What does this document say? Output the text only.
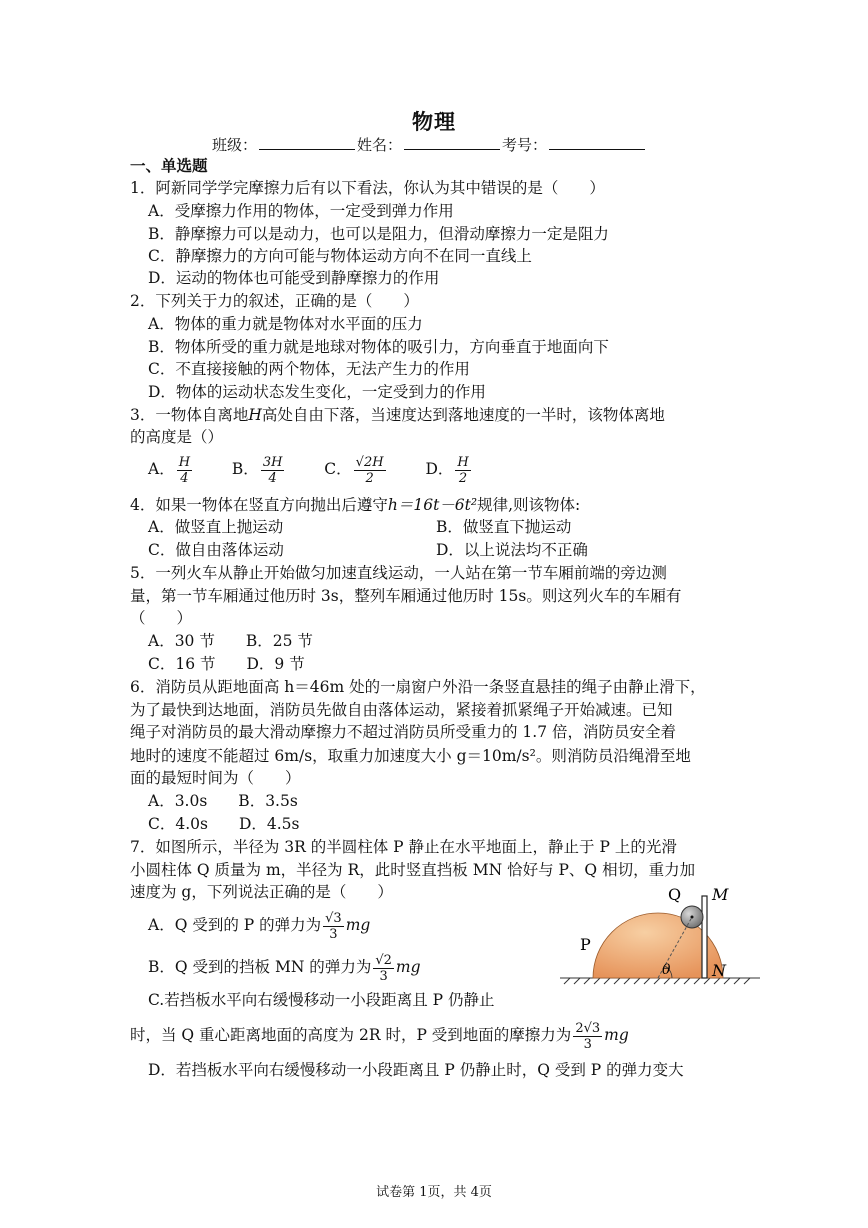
物理
班级：	姓名：	考号：
一、单选题
1．阿新同学学完摩擦力后有以下看法，你认为其中错误的是（　　）
A．受摩擦力作用的物体，一定受到弹力作用
B．静摩擦力可以是动力，也可以是阻力，但滑动摩擦力一定是阻力
C．静摩擦力的方向可能与物体运动方向不在同一直线上
D．运动的物体也可能受到静摩擦力的作用
2．下列关于力的叙述，正确的是（　　）
A．物体的重力就是物体对水平面的压力
B．物体所受的重力就是地球对物体的吸引力，方向垂直于地面向下
C．不直接接触的两个物体，无法产生力的作用
D．物体的运动状态发生变化，一定受到力的作用
3．一物体自离地H高处自由下落，当速度达到落地速度的一半时，该物体离地
的高度是（）
A． $\frac{H}{4}$	B． $\frac{3H}{4}$	C． $\frac{√2H}{2}$	D． $\frac{H}{2}$
4．如果一物体在竖直方向抛出后遵守h＝16t－6t²规律,则该物体:
A．做竖直上抛运动	B．做竖直下抛运动
C．做自由落体运动	D．以上说法均不正确
5．一列火车从静止开始做匀加速直线运动，一人站在第一节车厢前端的旁边测
量，第一节车厢通过他历时 3s，整列车厢通过他历时 15s。则这列火车的车厢有
（　　）
A．30 节　　B．25 节
C．16 节　　D．9 节
6．消防员从距地面高 h＝46m 处的一扇窗户外沿一条竖直悬挂的绳子由静止滑下，
为了最快到达地面，消防员先做自由落体运动，紧接着抓紧绳子开始减速。已知
绳子对消防员的最大滑动摩擦力不超过消防员所受重力的 1.7 倍，消防员安全着
地时的速度不能超过 6m/s，取重力加速度大小 g＝10m/s²。则消防员沿绳滑至地
面的最短时间为（　　）
A．3.0s　　B．3.5s
C．4.0s　　D．4.5s
7．如图所示，半径为 3R 的半圆柱体 P 静止在水平地面上，静止于 P 上的光滑
小圆柱体 Q 质量为 m，半径为 R，此时竖直挡板 MN 恰好与 P、Q 相切，重力加
速度为 g，下列说法正确的是（　　）
A．Q 受到的 P 的弹力为 $\frac{√3}{3}$ mg
B．Q 受到的挡板 MN 的弹力为 $\frac{√2}{3}$ mg
C.若挡板水平向右缓慢移动一小段距离且 P 仍静止
时，当 Q 重心距离地面的高度为 2R 时，P 受到地面的摩擦力为 $\frac{2√3}{3}$ mg
D．若挡板水平向右缓慢移动一小段距离且 P 仍静止时，Q 受到 P 的弹力变大
Q M
P
N
θ
试卷第 1页，共 4页
